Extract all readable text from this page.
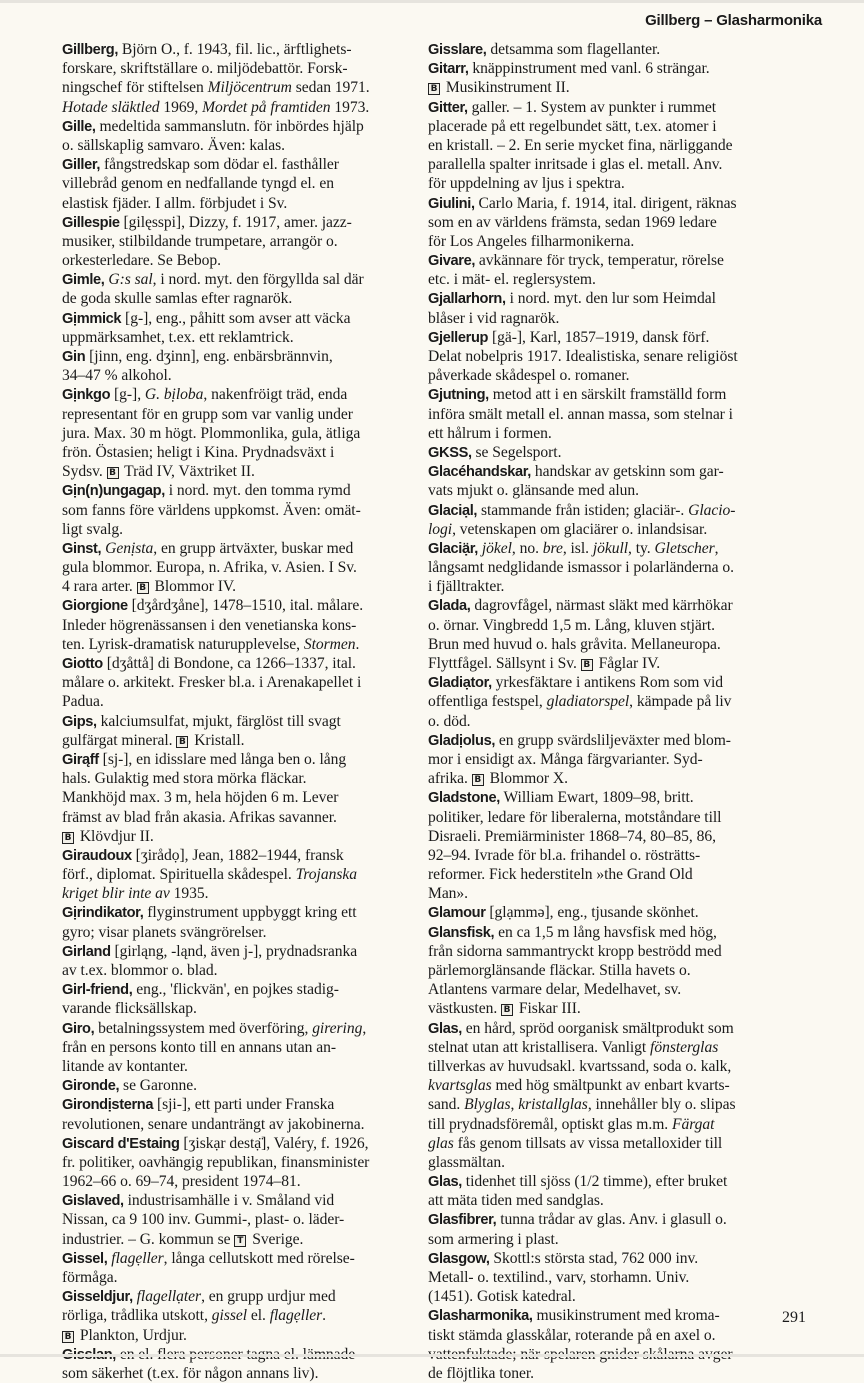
Gillberg – Glasharmonika
Gillberg, Björn O., f. 1943, fil. lic., ärftlighets-
forskare, skriftställare o. miljödebattör. Forsk-
ningschef för stiftelsen Miljöcentrum sedan 1971.
Hotade släktled 1969, Mordet på framtiden 1973.
Gille, medeltida sammanslutn. för inbördes hjälp
o. sällskaplig samvaro. Även: kalas.
Giller, fångstredskap som dödar el. fasthåller
villebråd genom en nedfallande tyngd el. en
elastisk fjäder. I allm. förbjudet i Sv.
Gillespie [gilęsspi], Dizzy, f. 1917, amer. jazz-
musiker, stilbildande trumpetare, arrangör o.
orkesterledare. Se Bebop.
Gimle, G:s sal, i nord. myt. den förgyllda sal där
de goda skulle samlas efter ragnarök.
Gịmmick [g-], eng., påhitt som avser att väcka
uppmärksamhet, t.ex. ett reklamtrick.
Gin [jinn, eng. dʒinn], eng. enbärsbrännvin,
34–47 % alkohol.
Gịnkgo [g-], G. bịloba, nakenfröigt träd, enda
representant för en grupp som var vanlig under
jura. Max. 30 m högt. Plommonlika, gula, ätliga
frön. Östasien; heligt i Kina. Prydnadsväxt i
Sydsv. B Träd IV, Växtriket II.
Gịn(n)ungagap, i nord. myt. den tomma rymd
som fanns före världens uppkomst. Även: omät-
ligt svalg.
Ginst, Genịsta, en grupp ärtväxter, buskar med
gula blommor. Europa, n. Afrika, v. Asien. I Sv.
4 rara arter. B Blommor IV.
Giorgione [dʒårdʒåne], 1478–1510, ital. målare.
Inleder högrenässansen i den venetianska kons-
ten. Lyrisk-dramatisk naturupplevelse, Stormen.
Giotto [dʒåttå] di Bondone, ca 1266–1337, ital.
målare o. arkitekt. Fresker bl.a. i Arenakapellet i
Padua.
Gips, kalciumsulfat, mjukt, färglöst till svagt
gulfärgat mineral. B Kristall.
Girąff [sj-], en idisslare med långa ben o. lång
hals. Gulaktig med stora mörka fläckar.
Mankhöjd max. 3 m, hela höjden 6 m. Lever
främst av blad från akasia. Afrikas savanner.
B Klövdjur II.
Giraudoux [ʒirådọ], Jean, 1882–1944, fransk
förf., diplomat. Spirituella skådespel. Trojanska
kriget blir inte av 1935.
Gịrindikator, flyginstrument uppbyggt kring ett
gyro; visar planets svängrörelser.
Girland [girląng, -ląnd, även j-], prydnadsranka
av t.ex. blommor o. blad.
Girl-friend, eng., 'flickvän', en pojkes stadig-
varande flicksällskap.
Giro, betalningssystem med överföring, girering,
från en persons konto till en annans utan an-
litande av kontanter.
Gironde, se Garonne.
Girondịsterna [sji-], ett parti under Franska
revolutionen, senare undanträngt av jakobinerna.
Giscard d'Estaing [ʒiskạr destạ̈], Valéry, f. 1926,
fr. politiker, oavhängig republikan, finansminister
1962–66 o. 69–74, president 1974–81.
Gislaved, industrisamhälle i v. Småland vid
Nissan, ca 9 100 inv. Gummi-, plast- o. läder-
industrier. – G. kommun se T Sverige.
Gissel, flagẹller, långa cellutskott med rörelse-
förmåga.
Gisseldjur, flagellạter, en grupp urdjur med
rörliga, trådlika utskott, gissel el. flagẹller.
B Plankton, Urdjur.
som säkerhet (t.ex. för någon annans liv).
Gisslare, detsamma som flagellanter.
Gitarr, knäppinstrument med vanl. 6 strängar.
B Musikinstrument II.
Gitter, galler. – 1. System av punkter i rummet
placerade på ett regelbundet sätt, t.ex. atomer i
en kristall. – 2. En serie mycket fina, närliggande
parallella spalter inritsade i glas el. metall. Anv.
för uppdelning av ljus i spektra.
Giulini, Carlo Maria, f. 1914, ital. dirigent, räknas
som en av världens främsta, sedan 1969 ledare
för Los Angeles filharmonikerna.
Givare, avkännare för tryck, temperatur, rörelse
etc. i mät- el. reglersystem.
Gjallarhorn, i nord. myt. den lur som Heimdal
blåser i vid ragnarök.
Gjellerup [gä-], Karl, 1857–1919, dansk förf.
Delat nobelpris 1917. Idealistiska, senare religiöst
påverkade skådespel o. romaner.
Gjutning, metod att i en särskilt framställd form
införa smält metall el. annan massa, som stelnar i
ett hålrum i formen.
GKSS, se Segelsport.
Glacéhandskar, handskar av getskinn som gar-
vats mjukt o. glänsande med alun.
Glaciạl, stammande från istiden; glaciär-. Glacio-
logi, vetenskapen om glaciärer o. inlandsisar.
Glaciạ̈r, jökel, no. bre, isl. jökull, ty. Gletscher,
långsamt nedglidande ismassor i polarländerna o.
i fjälltrakter.
Glada, dagrovfågel, närmast släkt med kärrhökar
o. örnar. Vingbredd 1,5 m. Lång, kluven stjärt.
Brun med huvud o. hals gråvita. Mellaneuropa.
Flyttfågel. Sällsynt i Sv. B Fåglar IV.
Gladiạtor, yrkesfäktare i antikens Rom som vid
offentliga festspel, gladiatorspel, kämpade på liv
o. död.
Gladịolus, en grupp svärdsliljeväxter med blom-
mor i ensidigt ax. Många färgvarianter. Syd-
afrika. B Blommor X.
Gladstone, William Ewart, 1809–98, britt.
politiker, ledare för liberalerna, motståndare till
Disraeli. Premiärminister 1868–74, 80–85, 86,
92–94. Ivrade för bl.a. frihandel o. rösträtts-
reformer. Fick hederstiteln »the Grand Old
Man».
Glamour [glạmmə], eng., tjusande skönhet.
Glansfisk, en ca 1,5 m lång havsfisk med hög,
från sidorna sammantryckt kropp beströdd med
pärlemorglänsande fläckar. Stilla havets o.
Atlantens varmare delar, Medelhavet, sv.
västkusten. B Fiskar III.
Glas, en hård, spröd oorganisk smältprodukt som
stelnat utan att kristallisera. Vanligt fönsterglas
tillverkas av huvudsakl. kvartssand, soda o. kalk,
kvartsglas med hög smältpunkt av enbart kvarts-
sand. Blyglas, kristallglas, innehåller bly o. slipas
till prydnadsföremål, optiskt glas m.m. Färgat
glas fås genom tillsats av vissa metalloxider till
glassmältan.
Glas, tidenhet till sjöss (1/2 timme), efter bruket
att mäta tiden med sandglas.
Glasfibrer, tunna trådar av glas. Anv. i glasull o.
som armering i plast.
Glasgow, Skottl:s största stad, 762 000 inv.
Metall- o. textilind., varv, storhamn. Univ.
(1451). Gotisk katedral.
Glasharmonika, musikinstrument med kroma-
tiskt stämda glasskålar, roterande på en axel o.
de flöjtlika toner.
291
